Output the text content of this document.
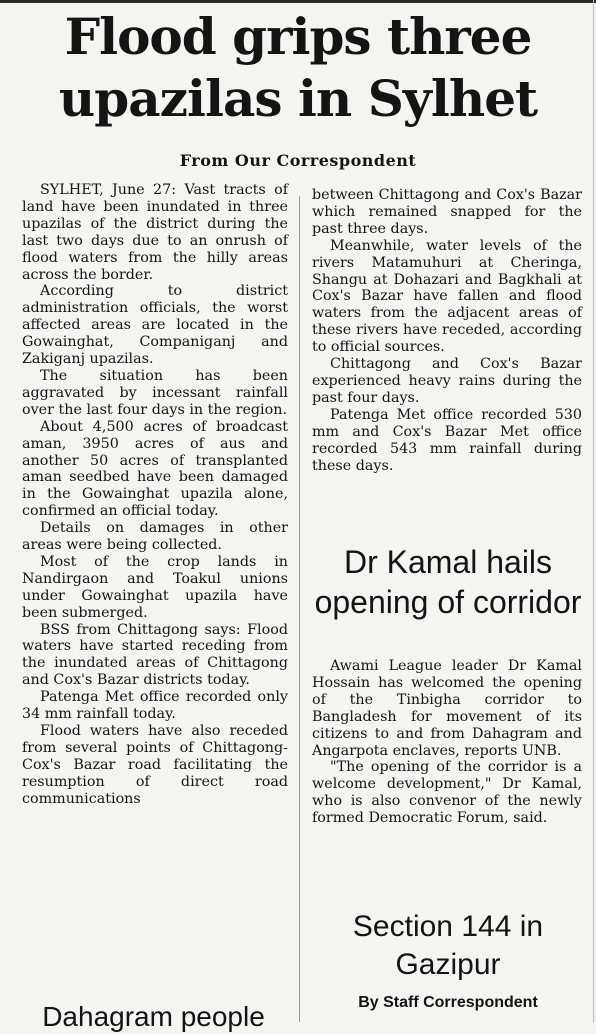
Flood grips three upazilas in Sylhet
From Our Correspondent

SYLHET, June 27: Vast tracts of land have been inundated in three upazilas of the district during the last two days due to an onrush of flood waters from the hilly areas across the border.

According to district administration officials, the worst affected areas are located in the Gowainghat, Companiganj and Zakiganj upazilas.

The situation has been aggravated by incessant rainfall over the last four days in the region.

About 4,500 acres of broadcast aman, 3950 acres of aus and another 50 acres of transplanted aman seedbed have been damaged in the Gowainghat upazila alone, confirmed an official today.

Details on damages in other areas were being collected.

Most of the crop lands in Nandirgaon and Toakul unions under Gowainghat upazila have been submerged.

BSS from Chittagong says: Flood waters have started receding from the inundated areas of Chittagong and Cox's Bazar districts today.

Patenga Met office recorded only 34 mm rainfall today.

Flood waters have also receded from several points of Chittagong- Cox's Bazar road facilitating the resumption of direct road communications

between Chittagong and Cox's Bazar which remained snapped for the past three days.

Meanwhile, water levels of the rivers Matamuhuri at Cheringa, Shangu at Dohazari and Bagkhali at Cox's Bazar have fallen and flood waters from the adjacent areas of these rivers have receded, according to official sources.

Chittagong and Cox's Bazar experienced heavy rains during the past four days.

Patenga Met office recorded 530 mm and Cox's Bazar Met office recorded 543 mm rainfall during these days.

Dr Kamal hails opening of corridor

Awami League leader Dr Kamal Hossain has welcomed the opening of the Tinbigha corridor to Bangladesh for movement of its citizens to and from Dahagram and Angarpota enclaves, reports UNB.

"The opening of the corridor is a welcome development," Dr Kamal, who is also convenor of the newly formed Democratic Forum, said.

Section 144 in Gazipur
By Staff Correspondent
Dahagram people
